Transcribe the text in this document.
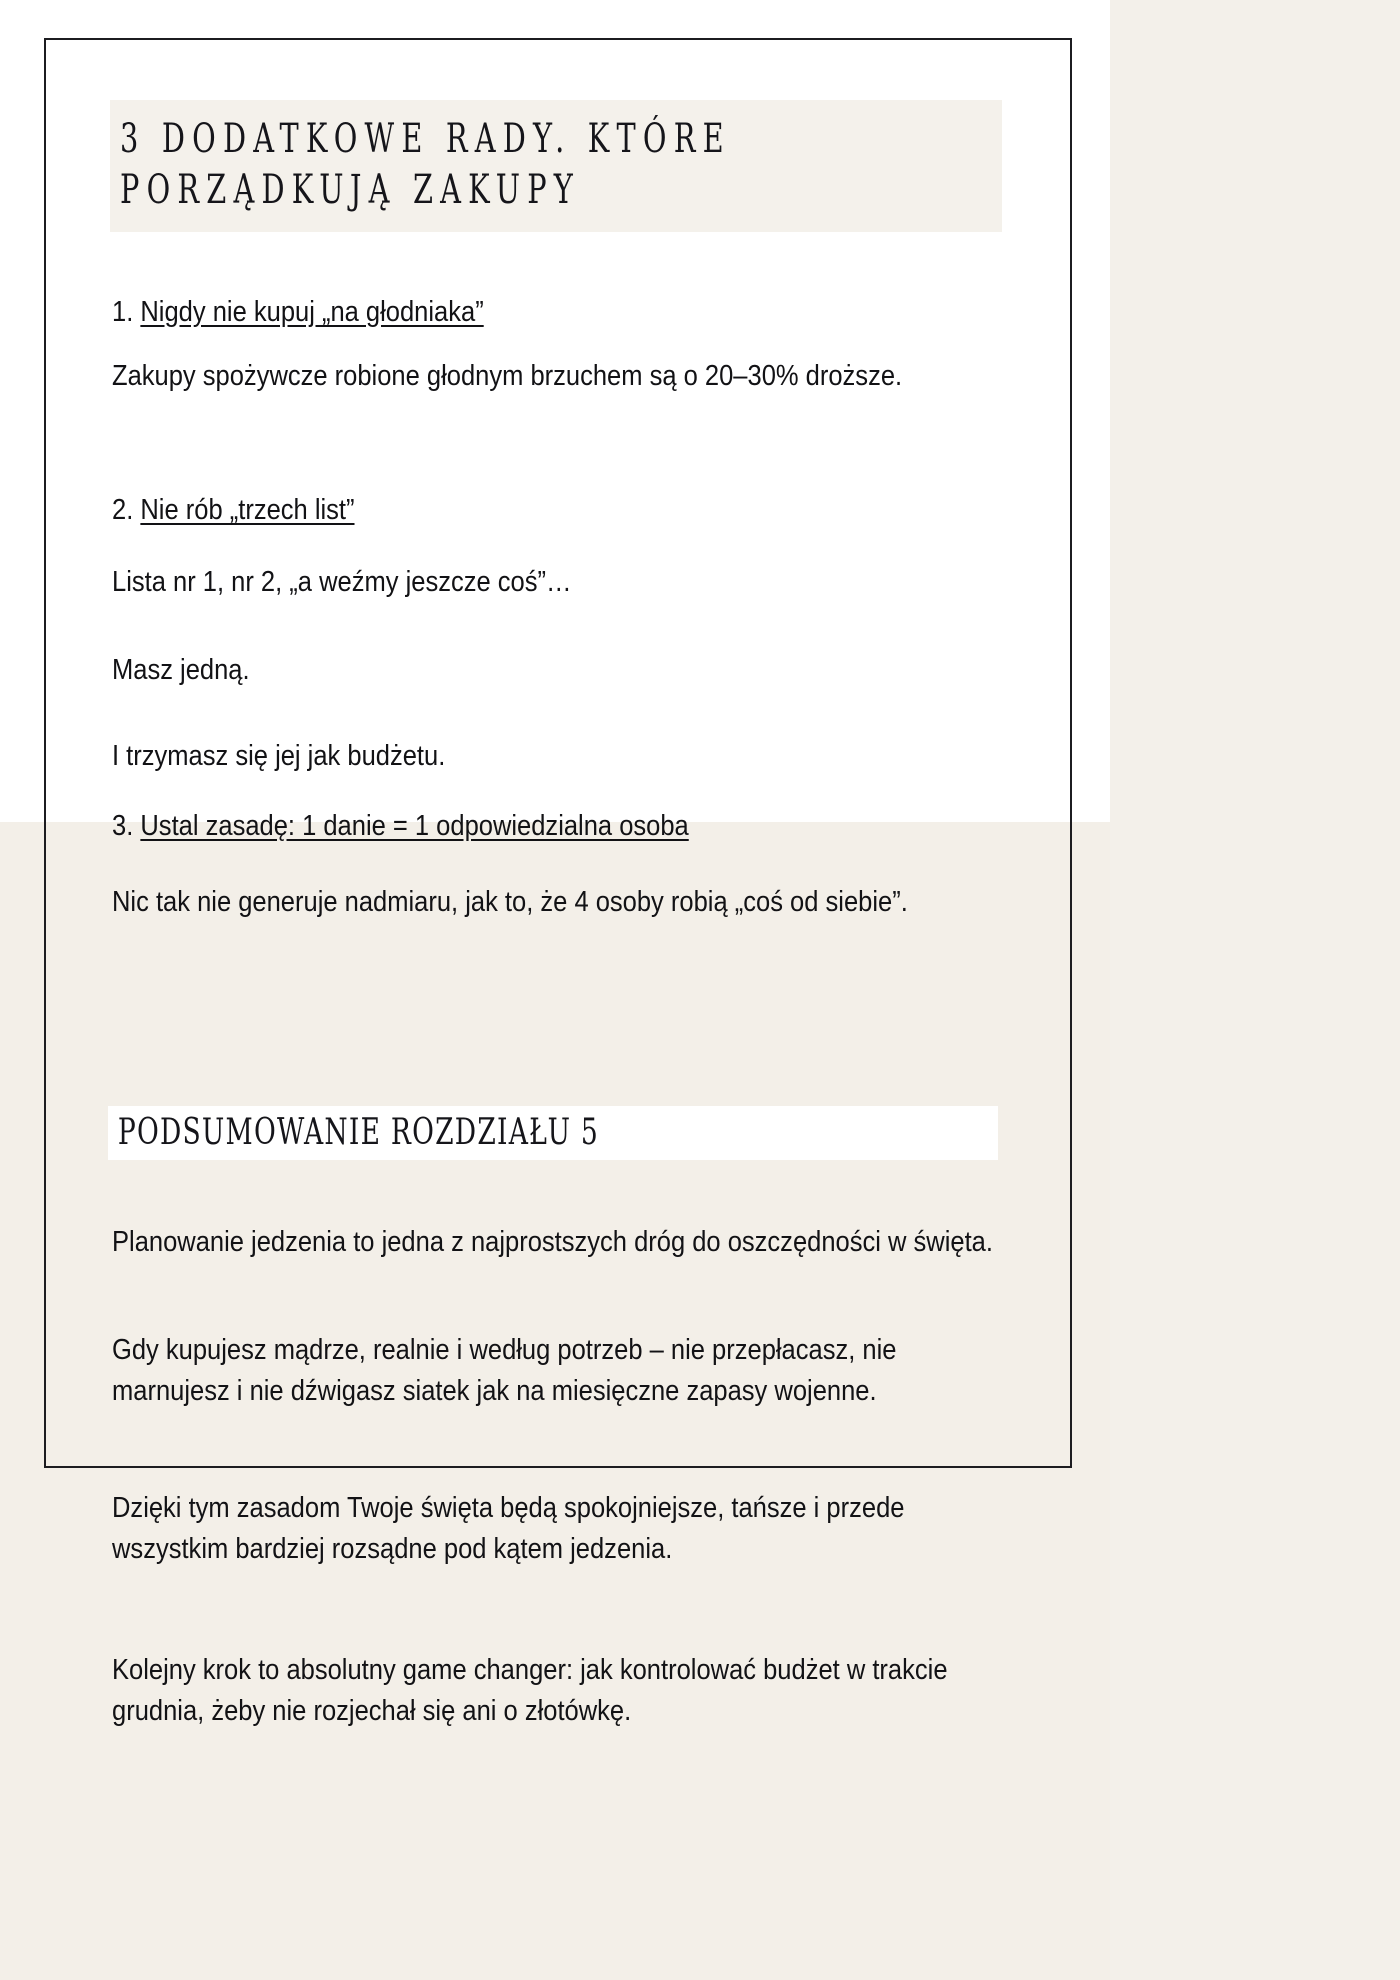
3 DODATKOWE RADY. KTÓRE PORZĄDKUJĄ ZAKUPY
1. Nigdy nie kupuj „na głodniaka”
Zakupy spożywcze robione głodnym brzuchem są o 20–30% droższe.
2. Nie rób „trzech list”
Lista nr 1, nr 2, „a weźmy jeszcze coś”…
Masz jedną.
I trzymasz się jej jak budżetu.
3. Ustal zasadę: 1 danie = 1 odpowiedzialna osoba
Nic tak nie generuje nadmiaru, jak to, że 4 osoby robią „coś od siebie”.
PODSUMOWANIE ROZDZIAŁU 5
Planowanie jedzenia to jedna z najprostszych dróg do oszczędności w święta.
Gdy kupujesz mądrze, realnie i według potrzeb – nie przepłacasz, nie marnujesz i nie dźwigasz siatek jak na miesięczne zapasy wojenne.
Dzięki tym zasadom Twoje święta będą spokojniejsze, tańsze i przede wszystkim bardziej rozsądne pod kątem jedzenia.
Kolejny krok to absolutny game changer: jak kontrolować budżet w trakcie grudnia, żeby nie rozjechał się ani o złotówkę.
